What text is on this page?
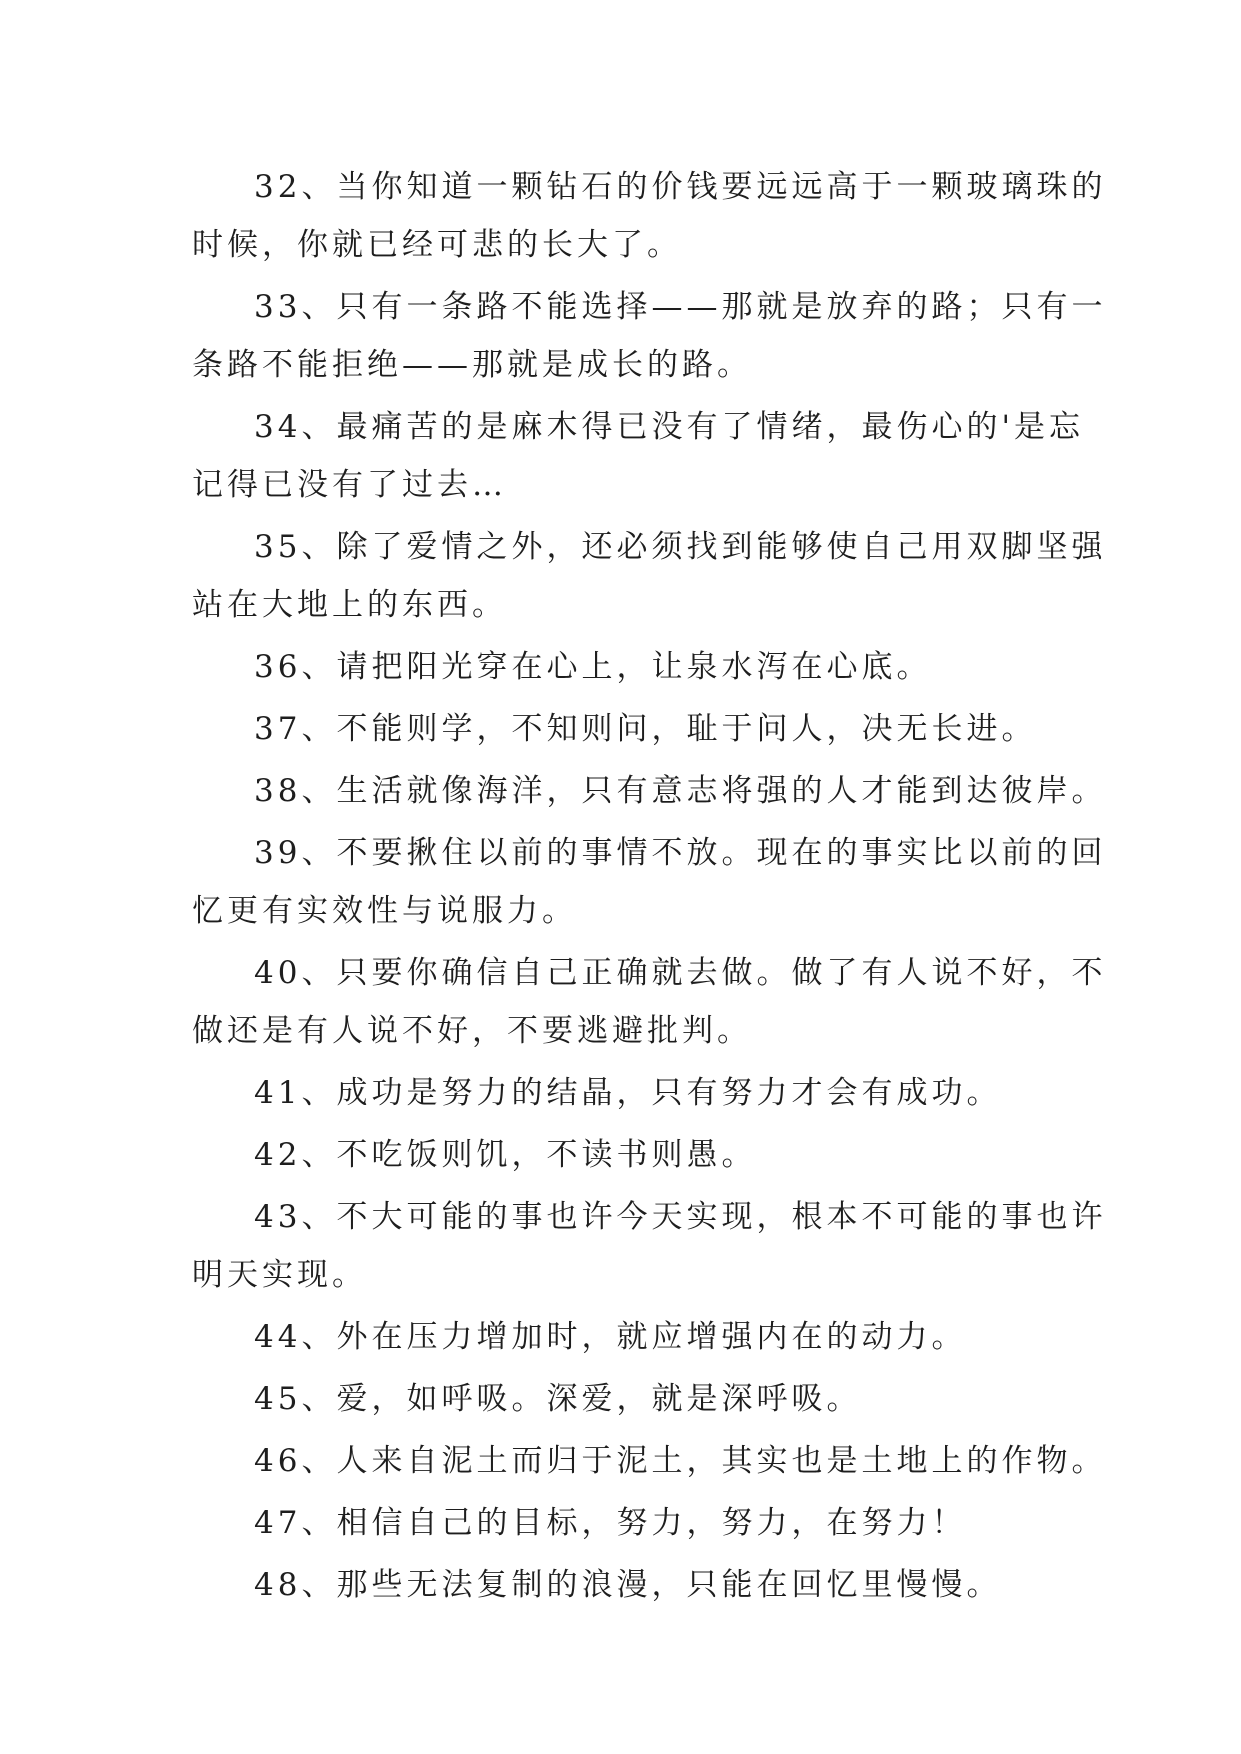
32、当你知道一颗钻石的价钱要远远高于一颗玻璃珠的
时候，你就已经可悲的长大了。
33、只有一条路不能选择——那就是放弃的路；只有一
条路不能拒绝——那就是成长的路。
34、最痛苦的是麻木得已没有了情绪，最伤心的'是忘
记得已没有了过去…
35、除了爱情之外，还必须找到能够使自己用双脚坚强
站在大地上的东西。
36、请把阳光穿在心上，让泉水泻在心底。
37、不能则学，不知则问，耻于问人，决无长进。
38、生活就像海洋，只有意志将强的人才能到达彼岸。
39、不要揪住以前的事情不放。现在的事实比以前的回
忆更有实效性与说服力。
40、只要你确信自己正确就去做。做了有人说不好，不
做还是有人说不好，不要逃避批判。
41、成功是努力的结晶，只有努力才会有成功。
42、不吃饭则饥，不读书则愚。
43、不大可能的事也许今天实现，根本不可能的事也许
明天实现。
44、外在压力增加时，就应增强内在的动力。
45、爱，如呼吸。深爱，就是深呼吸。
46、人来自泥土而归于泥土，其实也是土地上的作物。
47、相信自己的目标，努力，努力，在努力！
48、那些无法复制的浪漫，只能在回忆里慢慢。
